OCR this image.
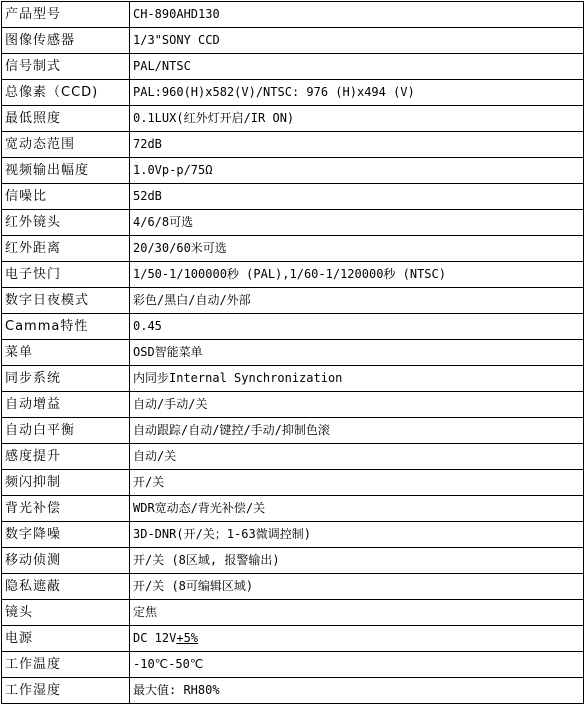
产品型号	CH-890AHD130
图像传感器	1/3"SONY CCD
信号制式	PAL/NTSC
总像素（CCD)	PAL:960(H)x582(V)/NTSC: 976 (H)x494 (V)
最低照度	0.1LUX(红外灯开启/IR ON)
宽动态范围	72dB
视频输出幅度	1.0Vp-p/75Ω
信噪比	52dB
红外镜头	4/6/8可选
红外距离	20/30/60米可选
电子快门	1/50-1/100000秒 (PAL),1/60-1/120000秒 (NTSC)
数字日夜模式	彩色/黑白/自动/外部
Camma特性	0.45
菜单	OSD智能菜单
同步系统	内同步Internal Synchronization
自动增益	自动/手动/关
自动白平衡	自动跟踪/自动/键控/手动/抑制色滚
感度提升	自动/关
频闪抑制	开/关
背光补偿	WDR宽动态/背光补偿/关
数字降噪	3D-DNR(开/关；1-63微调控制)
移动侦测	开/关 (8区域, 报警输出)
隐私遮蔽	开/关 (8可编辑区域)
镜头	定焦
电源	DC 12V+5%
工作温度	-10℃-50℃
工作湿度	最大值: RH80%
